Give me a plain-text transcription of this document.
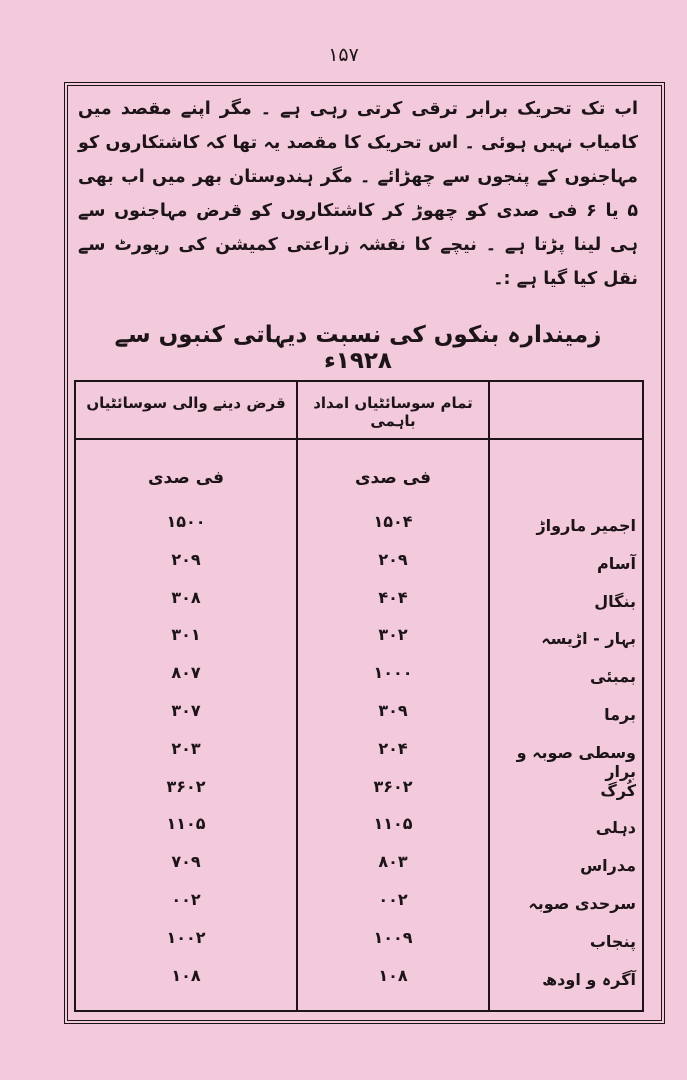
۱۵۷
اب تک تحریک برابر ترقی کرتی رہی ہے ۔ مگر اپنے مقصد میں کامیاب نہیں ہوئی ۔ اس تحریک کا مقصد یہ تھا کہ کاشتکاروں کو مہاجنوں کے پنجوں سے چھڑائے ۔ مگر ہندوستان بھر میں اب بھی ۵ یا ۶ فی صدی کو چھوڑ کر کاشتکاروں کو قرض مہاجنوں سے ہی لینا پڑتا ہے ۔ نیچے کا نقشہ زراعتی کمیشن کی رپورٹ سے نقل کیا گیا ہے :۔
زمیندارہ بنکوں کی نسبت دیہاتی کنبوں سے ۱۹۲۸ء
تمام سوسائٹیاں امداد باہمی
قرض دینے والی سوسائٹیاں
فی صدی
فی صدی
اجمیر مارواڑ
۱۵۰۴
۱۵۰۰
آسام
۲۰۹
۲۰۹
بنگال
۴۰۴
۳۰۸
بہار - اڑیسہ
۳۰۲
۳۰۱
بمبئی
۱۰۰۰
۸۰۷
برما
۳۰۹
۳۰۷
وسطی صوبہ و برار
۲۰۴
۲۰۳
کُرگ
۳۶۰۲
۳۶۰۲
دہلی
۱۱۰۵
۱۱۰۵
مدراس
۸۰۳
۷۰۹
سرحدی صوبہ
۰۰۲
۰۰۲
پنجاب
۱۰۰۹
۱۰۰۲
آگرہ و اودھ
۱۰۸
۱۰۸
